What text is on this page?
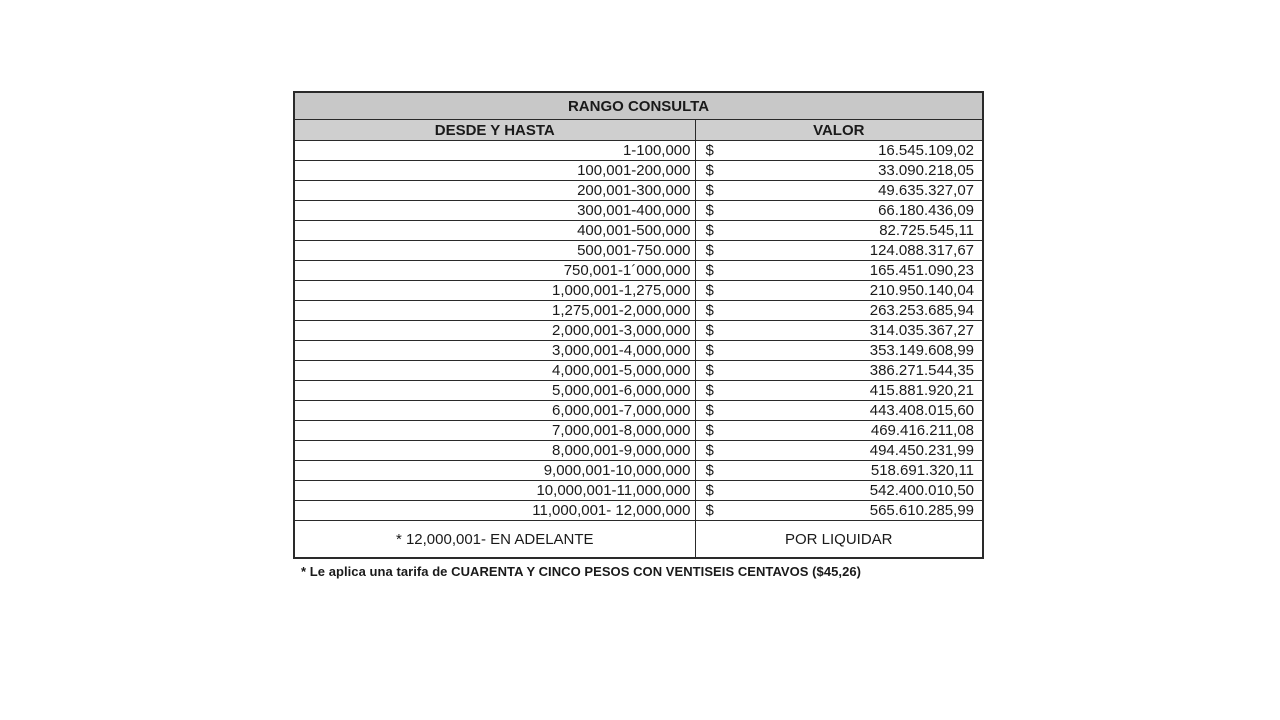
RANGO CONSULTA	
DESDE Y HASTA	VALOR
1-100,000	$ 16.545.109,02

100,001-200,000	$ 33.090.218,05

200,001-300,000	$ 49.635.327,07

300,001-400,000	$ 66.180.436,09

400,001-500,000	$ 82.725.545,11

500,001-750.000	$ 124.088.317,67

750,001-1´000,000	$ 165.451.090,23

1,000,001-1,275,000	$ 210.950.140,04

1,275,001-2,000,000	$ 263.253.685,94

2,000,001-3,000,000	$ 314.035.367,27

3,000,001-4,000,000	$ 353.149.608,99

4,000,001-5,000,000	$ 386.271.544,35

5,000,001-6,000,000	$ 415.881.920,21

6,000,001-7,000,000	$ 443.408.015,60

7,000,001-8,000,000	$ 469.416.211,08

8,000,001-9,000,000	$ 494.450.231,99

9,000,001-10,000,000	$ 518.691.320,11

10,000,001-11,000,000	$ 542.400.010,50

11,000,001- 12,000,000	$ 565.610.285,99

* 12,000,001- EN ADELANTE	POR LIQUIDAR
* Le aplica una tarifa de CUARENTA Y CINCO PESOS CON VENTISEIS CENTAVOS ($45,26)
